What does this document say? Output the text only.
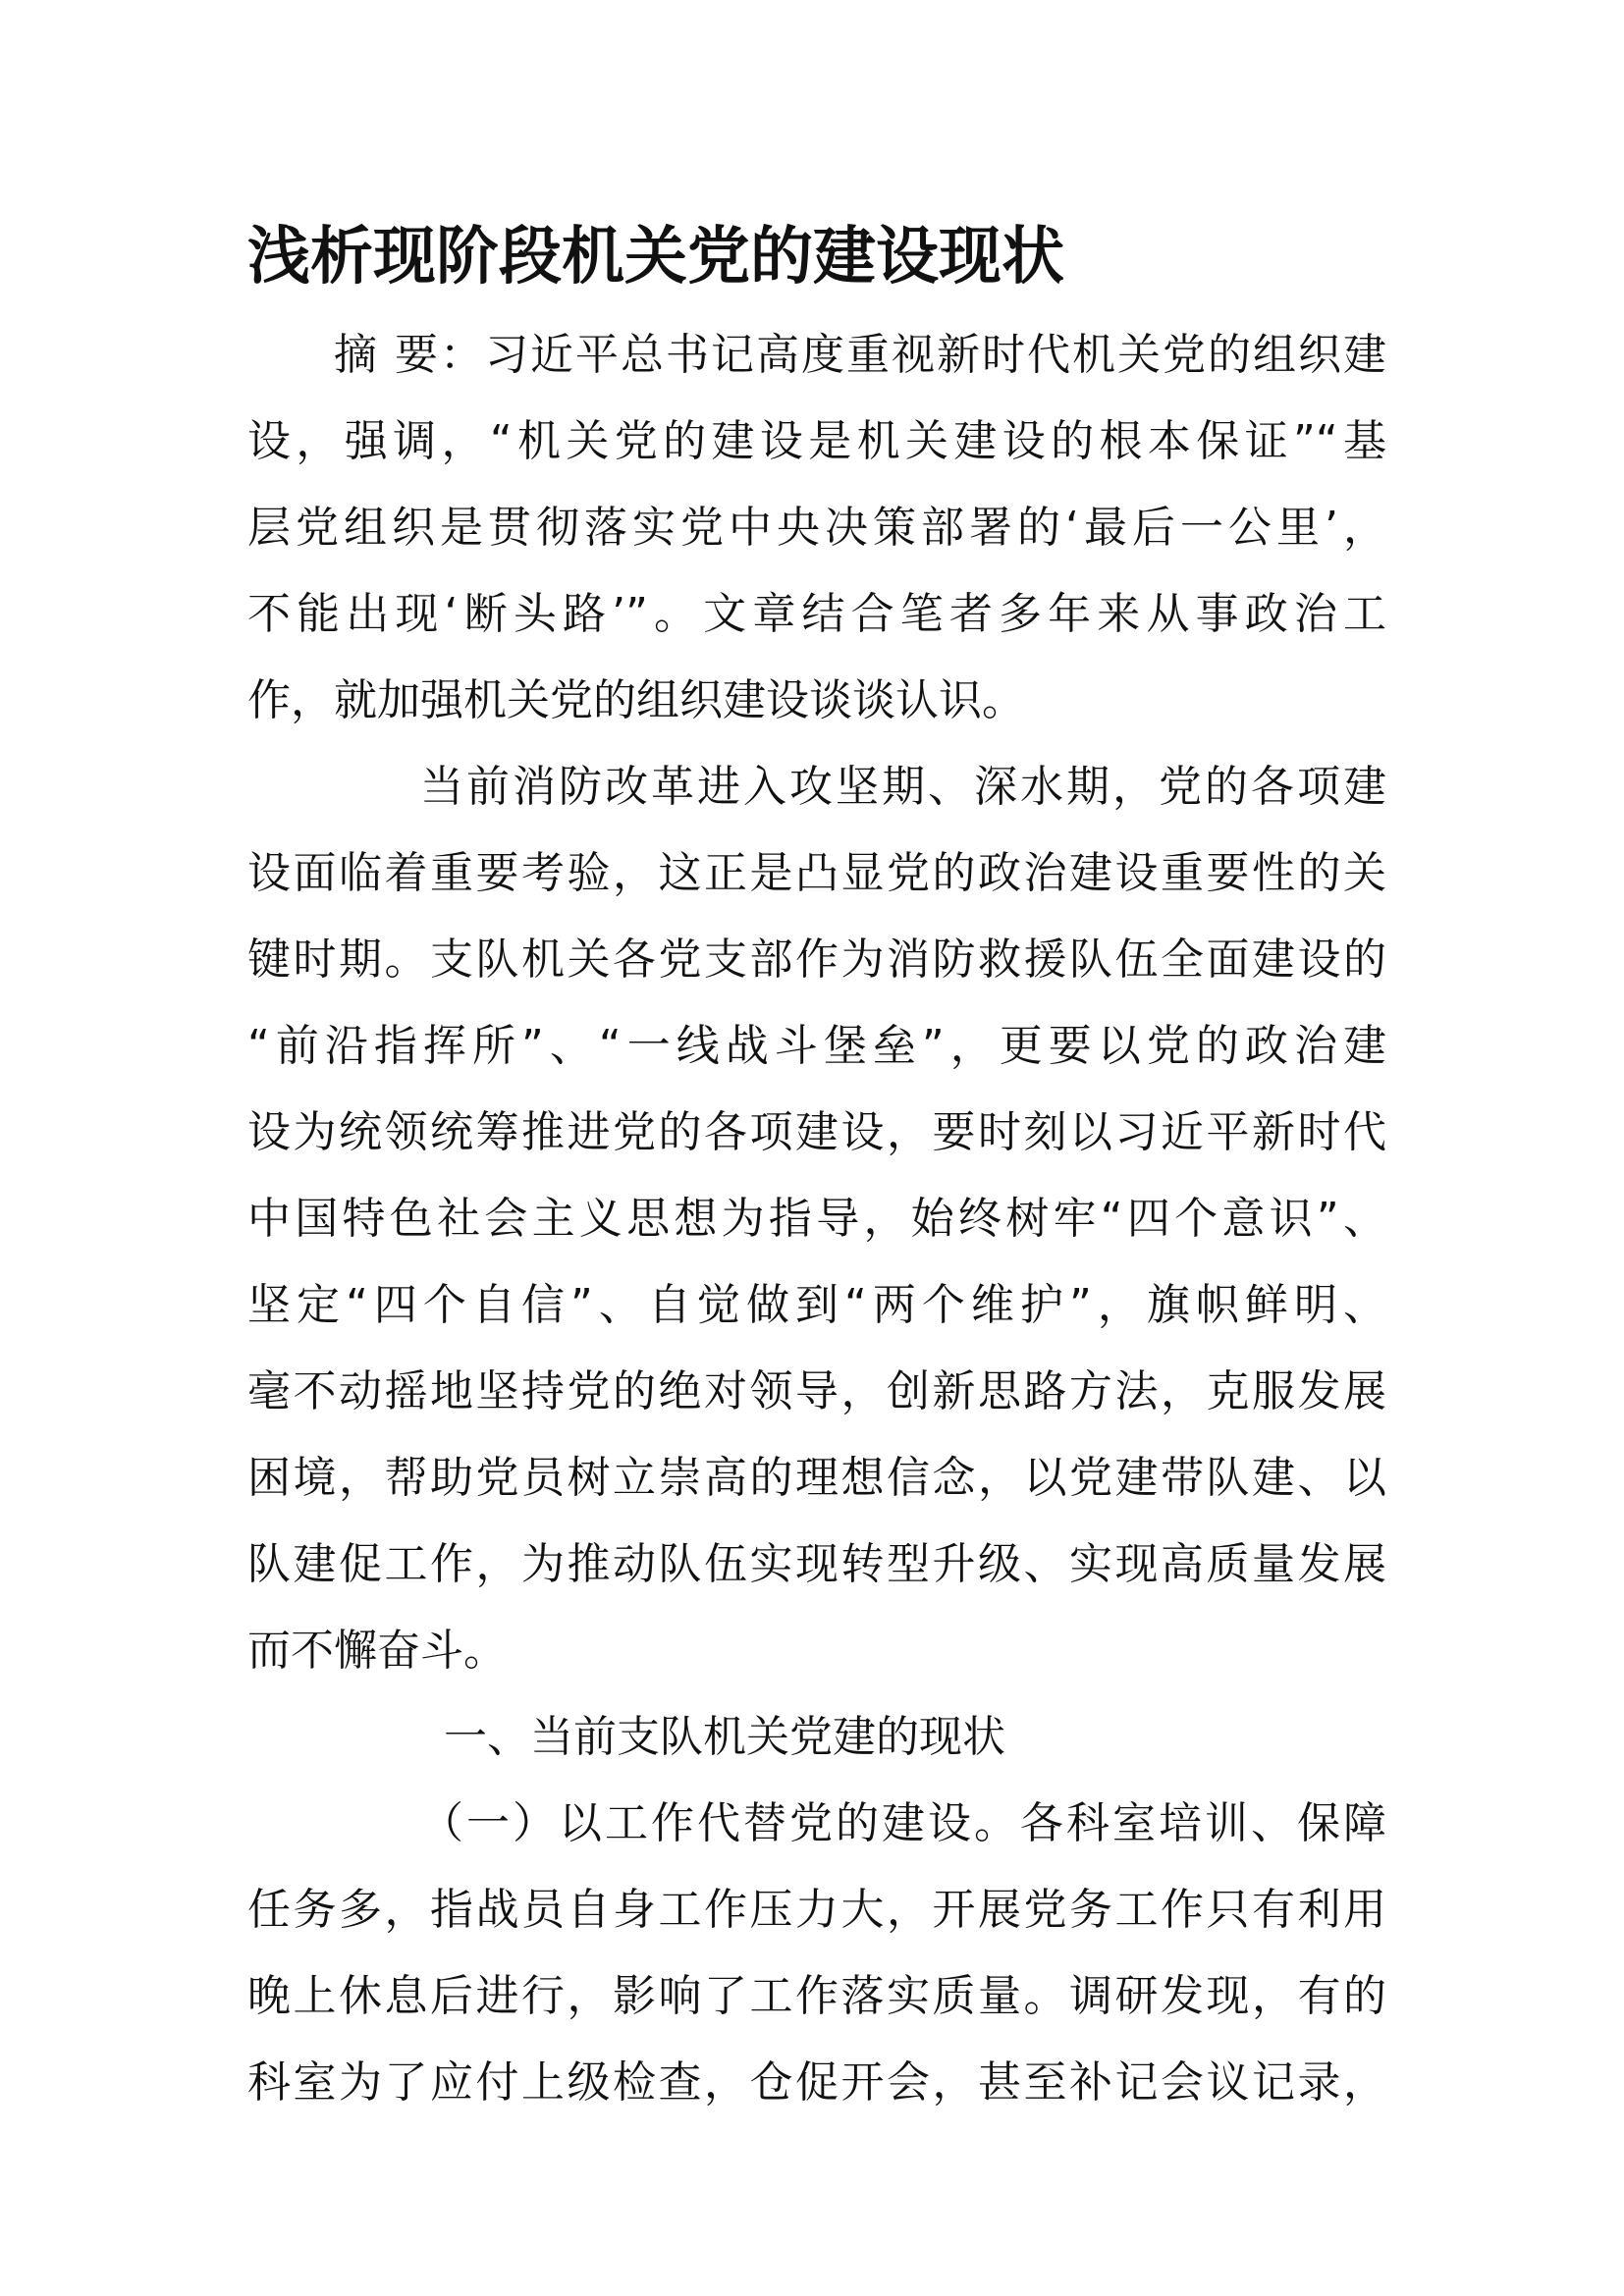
浅析现阶段机关党的建设现状
摘 要：习近平总书记高度重视新时代机关党的组织建
设，强调，“机关党的建设是机关建设的根本保证”“基
层党组织是贯彻落实党中央决策部署的‘最后一公里’，
不能出现‘断头路’”。文章结合笔者多年来从事政治工
作，就加强机关党的组织建设谈谈认识。
当前消防改革进入攻坚期、深水期，党的各项建
设面临着重要考验，这正是凸显党的政治建设重要性的关
键时期。支队机关各党支部作为消防救援队伍全面建设的
“前沿指挥所”、“一线战斗堡垒”，更要以党的政治建
设为统领统筹推进党的各项建设，要时刻以习近平新时代
中国特色社会主义思想为指导，始终树牢“四个意识”、
坚定“四个自信”、自觉做到“两个维护”，旗帜鲜明、
毫不动摇地坚持党的绝对领导，创新思路方法，克服发展
困境，帮助党员树立崇高的理想信念，以党建带队建、以
队建促工作，为推动队伍实现转型升级、实现高质量发展
而不懈奋斗。
一、当前支队机关党建的现状
（一）以工作代替党的建设。各科室培训、保障
任务多，指战员自身工作压力大，开展党务工作只有利用
晚上休息后进行，影响了工作落实质量。调研发现，有的
科室为了应付上级检查，仓促开会，甚至补记会议记录，
